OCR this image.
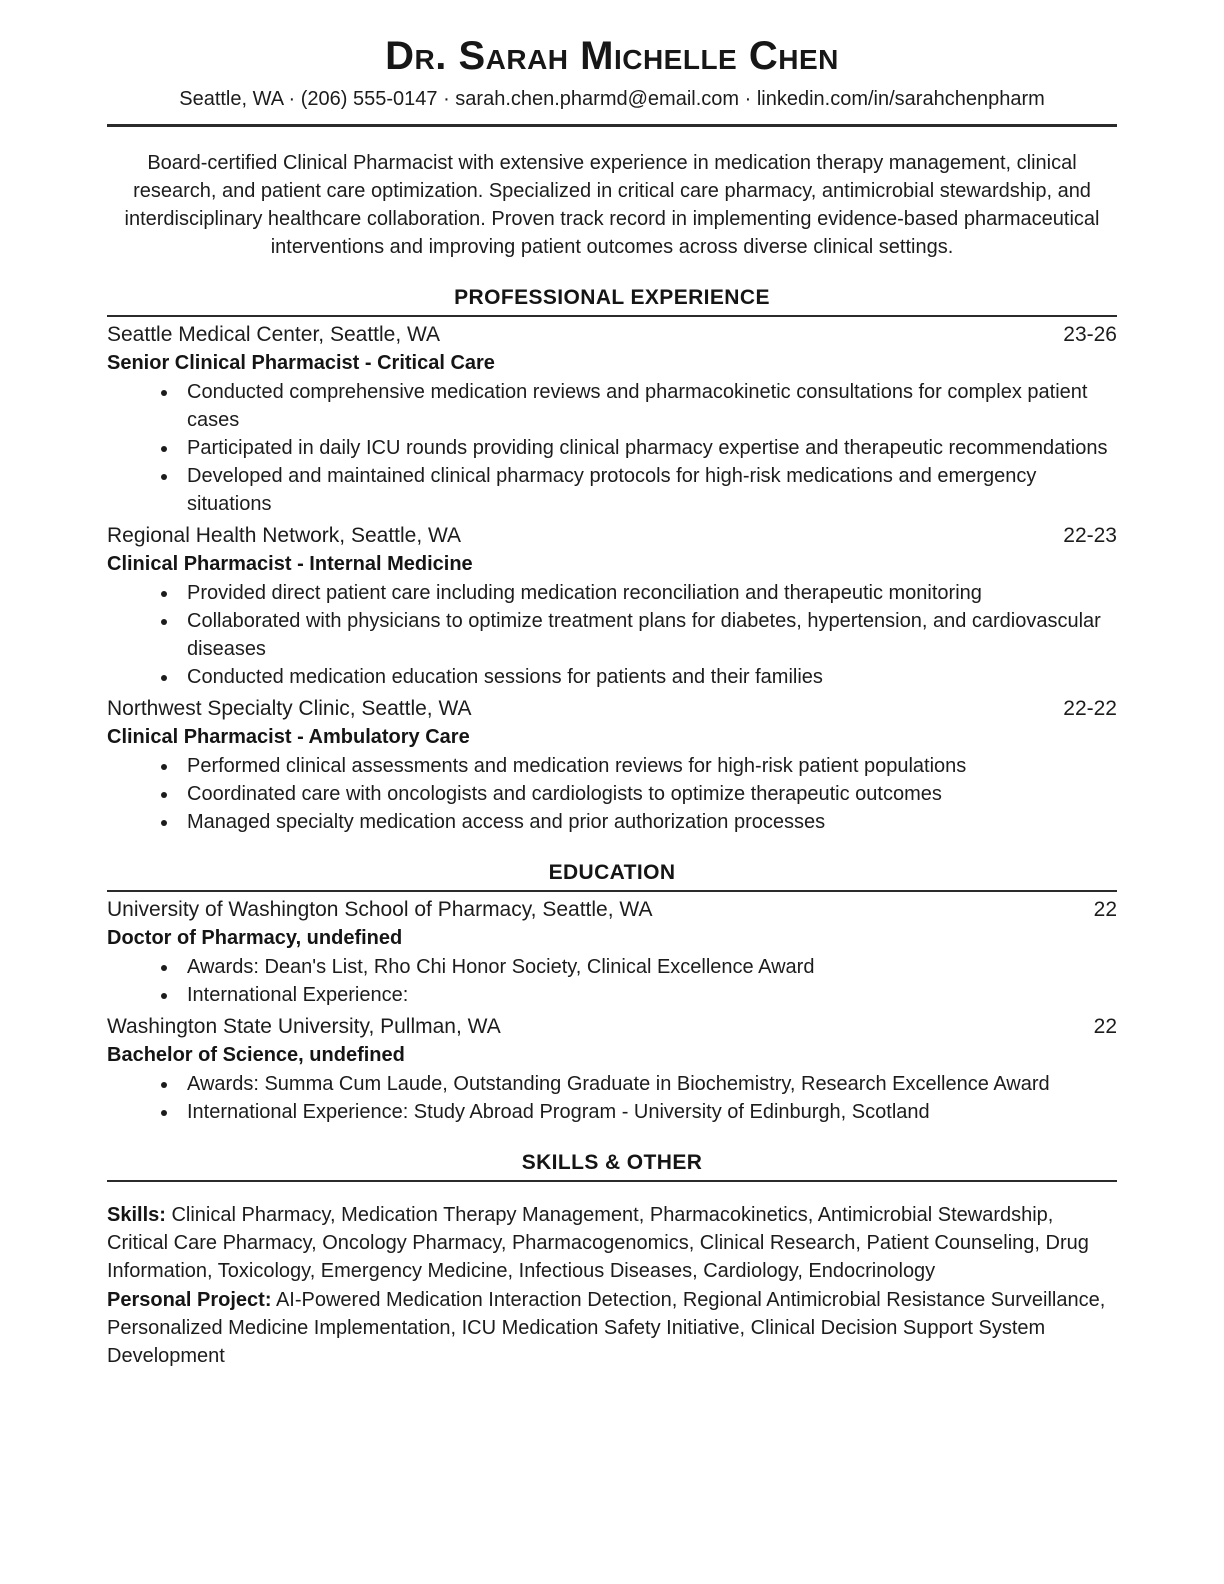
Dr. Sarah Michelle Chen
Seattle, WA · (206) 555-0147 · sarah.chen.pharmd@email.com · linkedin.com/in/sarahchenpharm

Board-certified Clinical Pharmacist with extensive experience in medication therapy management, clinical research, and patient care optimization. Specialized in critical care pharmacy, antimicrobial stewardship, and interdisciplinary healthcare collaboration. Proven track record in implementing evidence-based pharmaceutical interventions and improving patient outcomes across diverse clinical settings.

PROFESSIONAL EXPERIENCE
Seattle Medical Center, Seattle, WA	23-26
Senior Clinical Pharmacist - Critical Care
• Conducted comprehensive medication reviews and pharmacokinetic consultations for complex patient cases
• Participated in daily ICU rounds providing clinical pharmacy expertise and therapeutic recommendations
• Developed and maintained clinical pharmacy protocols for high-risk medications and emergency situations
Regional Health Network, Seattle, WA	22-23
Clinical Pharmacist - Internal Medicine
• Provided direct patient care including medication reconciliation and therapeutic monitoring
• Collaborated with physicians to optimize treatment plans for diabetes, hypertension, and cardiovascular diseases
• Conducted medication education sessions for patients and their families
Northwest Specialty Clinic, Seattle, WA	22-22
Clinical Pharmacist - Ambulatory Care
• Performed clinical assessments and medication reviews for high-risk patient populations
• Coordinated care with oncologists and cardiologists to optimize therapeutic outcomes
• Managed specialty medication access and prior authorization processes
EDUCATION
University of Washington School of Pharmacy, Seattle, WA	22
Doctor of Pharmacy, undefined
• Awards: Dean's List, Rho Chi Honor Society, Clinical Excellence Award
• International Experience:
Washington State University, Pullman, WA	22
Bachelor of Science, undefined
• Awards: Summa Cum Laude, Outstanding Graduate in Biochemistry, Research Excellence Award
• International Experience: Study Abroad Program - University of Edinburgh, Scotland
SKILLS & OTHER

Skills: Clinical Pharmacy, Medication Therapy Management, Pharmacokinetics, Antimicrobial Stewardship, Critical Care Pharmacy, Oncology Pharmacy, Pharmacogenomics, Clinical Research, Patient Counseling, Drug Information, Toxicology, Emergency Medicine, Infectious Diseases, Cardiology, Endocrinology

Personal Project: AI-Powered Medication Interaction Detection, Regional Antimicrobial Resistance Surveillance, Personalized Medicine Implementation, ICU Medication Safety Initiative, Clinical Decision Support System Development
